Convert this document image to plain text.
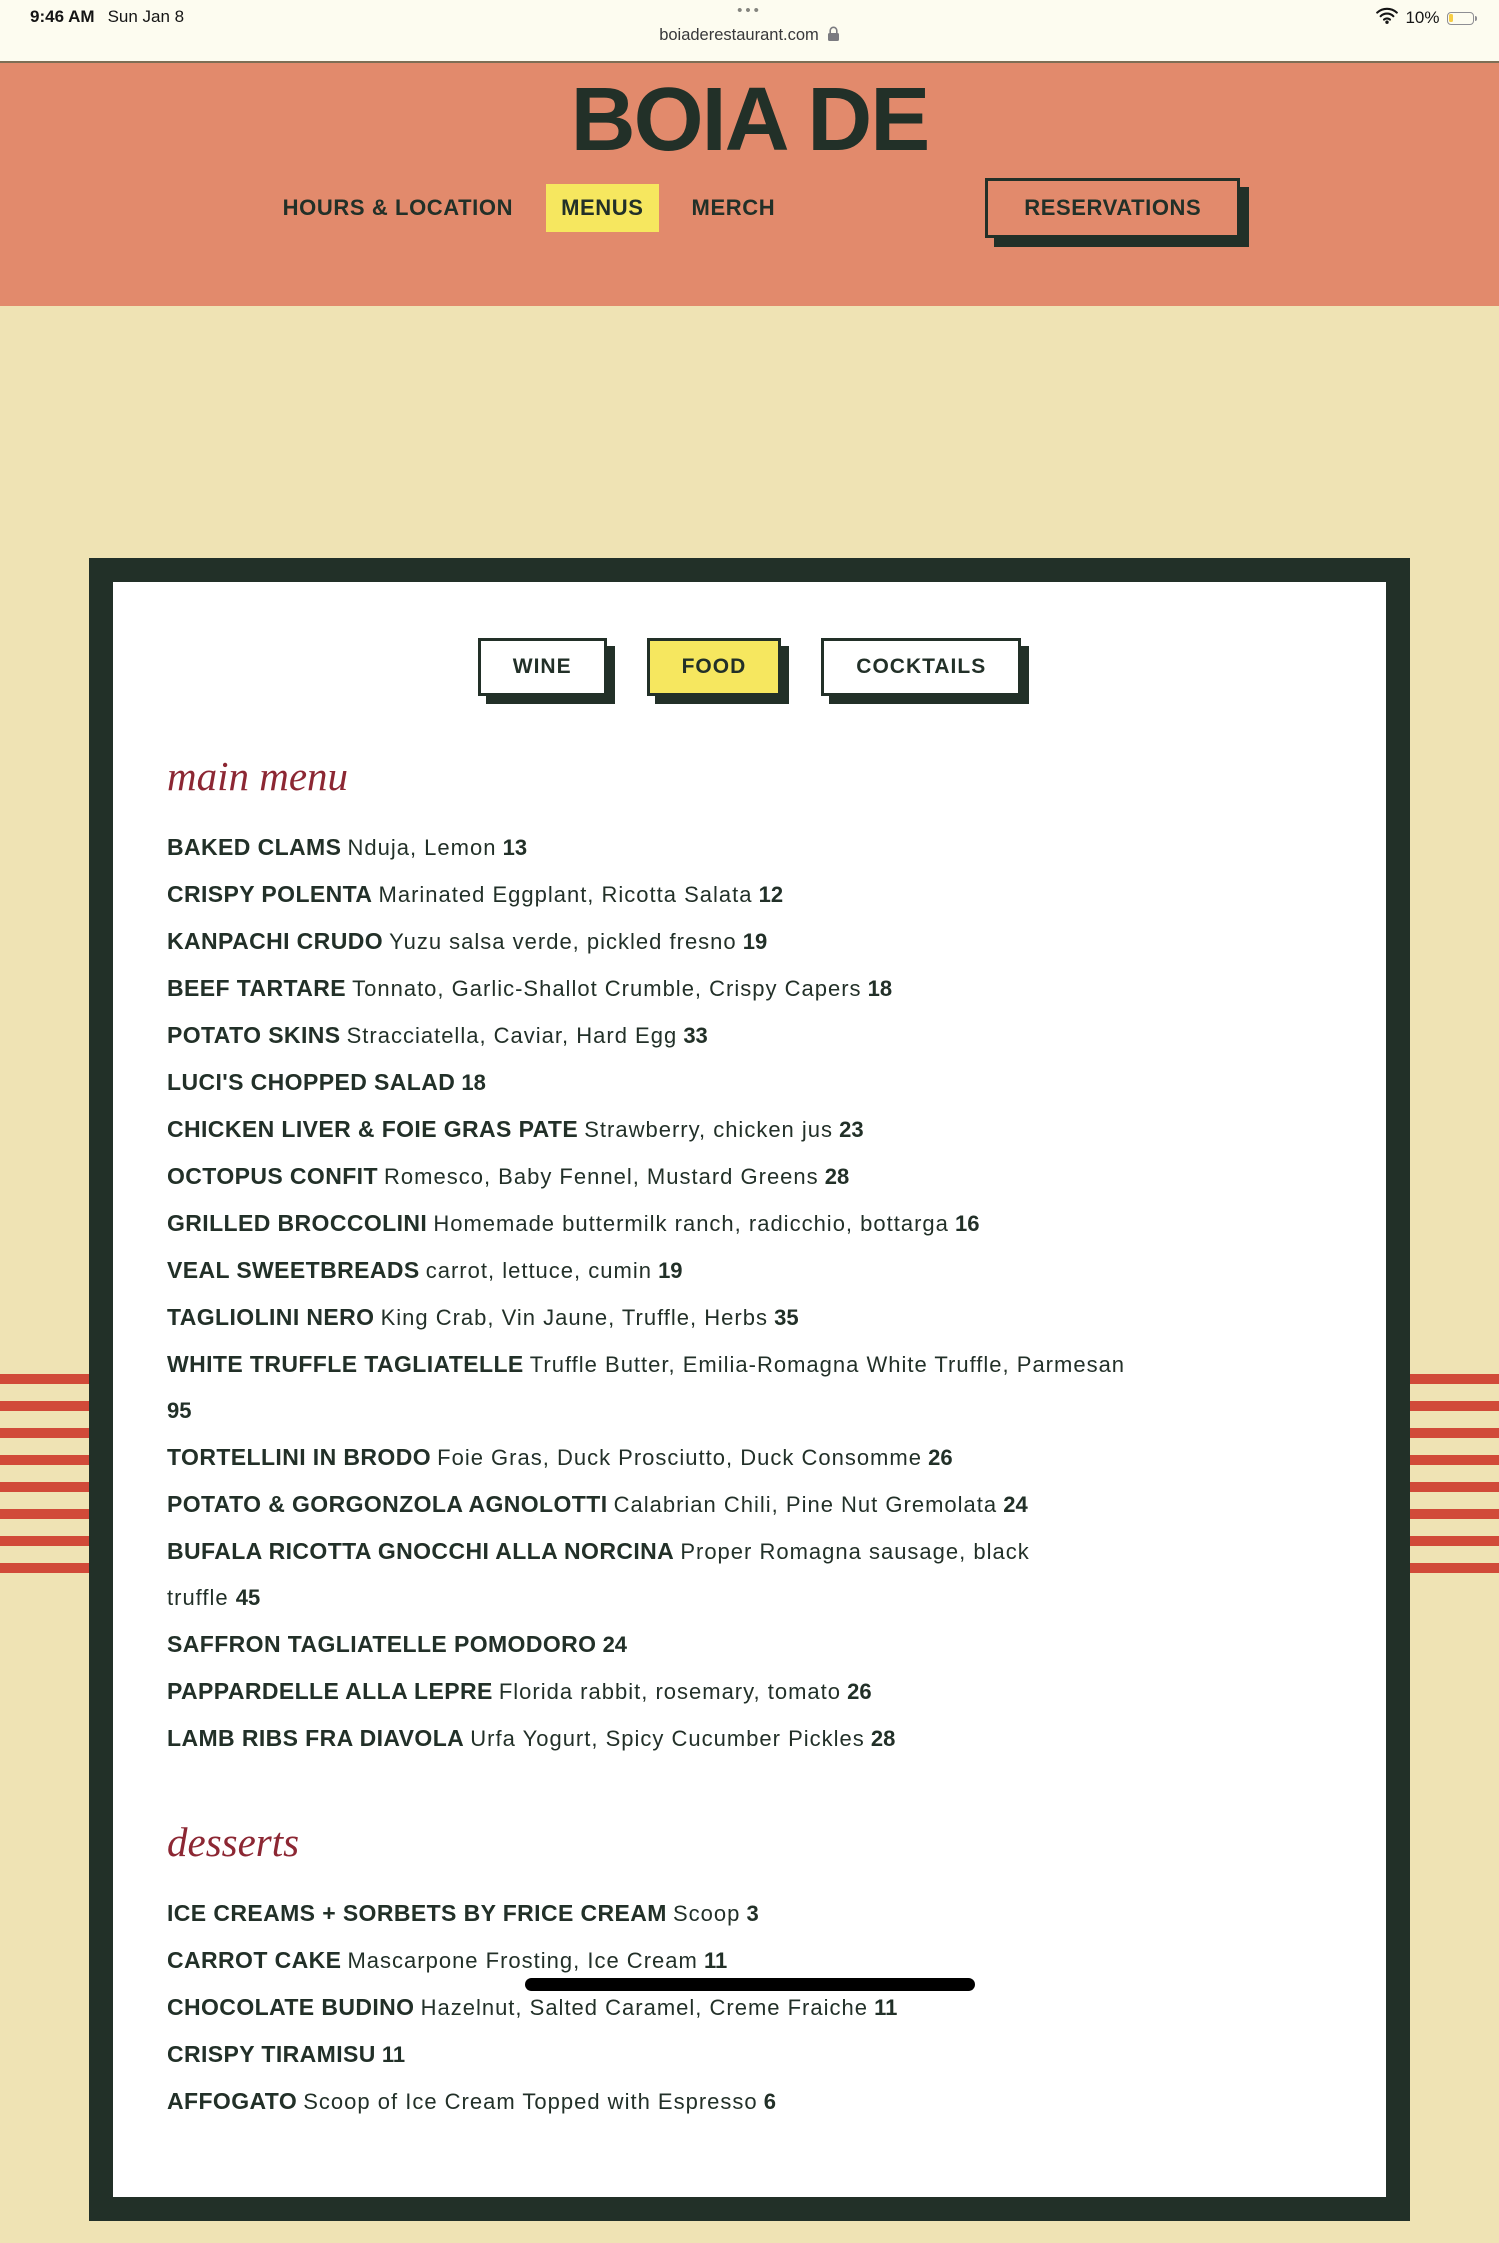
9:46 AM Sun Jan 8	•••
boiaderestaurant.com
10%
BOIA DE
HOURS & LOCATION	MENUS	MERCH	RESERVATIONS
WINE	FOOD	COCKTAILS
main menu
BAKED CLAMS Nduja, Lemon 13
CRISPY POLENTA Marinated Eggplant, Ricotta Salata 12
KANPACHI CRUDO Yuzu salsa verde, pickled fresno 19
BEEF TARTARE Tonnato, Garlic-Shallot Crumble, Crispy Capers 18
POTATO SKINS Stracciatella, Caviar, Hard Egg 33
LUCI'S CHOPPED SALAD 18
CHICKEN LIVER & FOIE GRAS PATE Strawberry, chicken jus 23
OCTOPUS CONFIT Romesco, Baby Fennel, Mustard Greens 28
GRILLED BROCCOLINI Homemade buttermilk ranch, radicchio, bottarga 16
VEAL SWEETBREADS carrot, lettuce, cumin 19
TAGLIOLINI NERO King Crab, Vin Jaune, Truffle, Herbs 35
WHITE TRUFFLE TAGLIATELLE Truffle Butter, Emilia-Romagna White Truffle, Parmesan
95
TORTELLINI IN BRODO Foie Gras, Duck Prosciutto, Duck Consomme 26
POTATO & GORGONZOLA AGNOLOTTI Calabrian Chili, Pine Nut Gremolata 24
BUFALA RICOTTA GNOCCHI ALLA NORCINA Proper Romagna sausage, black
truffle 45
SAFFRON TAGLIATELLE POMODORO 24
PAPPARDELLE ALLA LEPRE Florida rabbit, rosemary, tomato 26
LAMB RIBS FRA DIAVOLA Urfa Yogurt, Spicy Cucumber Pickles 28
desserts
ICE CREAMS + SORBETS BY FRICE CREAM Scoop 3
CARROT CAKE Mascarpone Frosting, Ice Cream 11
CHOCOLATE BUDINO Hazelnut, Salted Caramel, Creme Fraiche 11
CRISPY TIRAMISU 11
AFFOGATO Scoop of Ice Cream Topped with Espresso 6
